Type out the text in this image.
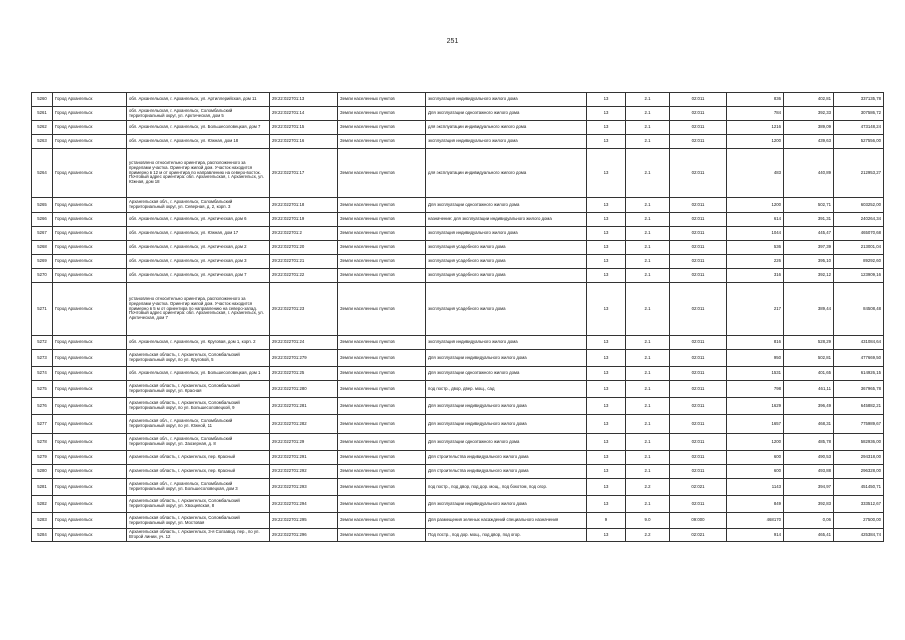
251
5260	Город Архангельск	обл. Архангельская, г. Архангельск, ул. Артиллерийская, дом 11	29:22:022701:13	Земли населенных пунктов	эксплуатация индивидуального жилого дома	13	2.1	02:011	836	402,81	337135,78
5261	Город Архангельск	обл. Архангельская, г. Архангельск, Соломбальский территориальный округ, ул. Арктическая, дом 5	29:22:022701:14	Земли населенных пунктов	Для эксплуатации одноэтажного жилого дома	13	2.1	02:011	784	392,33	307586,72
5262	Город Архангельск	обл. Архангельская, г. Архангельск, ул. Большесоловецкая, дом 7	29:22:022701:15	Земли населенных пунктов	для эксплуатации индивидуального жилого дома	13	2.1	02:011	1216	389,09	473148,24
5263	Город Архангельск	обл. Архангельская, г. Архангельск, ул. Южная, дом 18	29:22:022701:16	Земли населенных пунктов	эксплуатация индивидуального жилого дома	13	2.1	02:011	1200	439,63	527556,00
5264	Город Архангельск	установлено относительно ориентира, расположенного за пределами участка. Ориентир жилой дом. Участок находится примерно в 12 м от ориентира по направлению на северо-восток. Почтовый адрес ориентира: обл. Архангельская, г. Архангельск, ул. Южная, дом 18	29:22:022701:17	Земли населенных пунктов	для эксплуатации индивидуального жилого дома	13	2.1	02:011	483	440,89	212953,27
5265	Город Архангельск	Архангельская обл., г. Архангельск, Соломбальский территориальный округ, ул. Северная, д. 2, корп. 3	29:22:022701:18	Земли населенных пунктов	Для эксплуатации одноэтажного жилого дома	13	2.1	02:011	1200	502,71	603252,00
5266	Город Архангельск	обл. Архангельская, г. Архангельск, ул. Арктическая, дом 6	29:22:022701:19	Земли населенных пунктов	назначение: для эксплуатации индивидуального жилого дома	13	2.1	02:011	614	391,31	240264,34
5267	Город Архангельск	обл. Архангельская, г. Архангельск, ул. Южная, дом 17	29:22:022701:2	Земли населенных пунктов	эксплуатация индивидуального жилого дома	13	2.1	02:011	1044	445,47	465070,68
5268	Город Архангельск	обл. Архангельская, г. Архангельск, ул. Арктическая, дом 2	29:22:022701:20	Земли населенных пунктов	эксплуатация усадебного жилого дома	13	2.1	02:011	536	397,39	213001,04
5269	Город Архангельск	обл. Архангельская, г. Архангельск, ул. Арктическая, дом 3	29:22:022701:21	Земли населенных пунктов	эксплуатация усадебного жилого дома	13	2.1	02:011	226	395,10	89292,60
5270	Город Архангельск	обл. Архангельская, г. Архангельск, ул. Арктическая, дом 7	29:22:022701:22	Земли населенных пунктов	эксплуатация усадебного жилого дома	13	2.1	02:011	316	392,12	123909,16
5271	Город Архангельск	установлено относительно ориентира, расположенного за пределами участка. Ориентир жилой дом. Участок находится примерно в 5 м от ориентира по направлению на северо-запад. Почтовый адрес ориентира: обл. Архангельская, г. Архангельск, ул. Арктическая, дом 7	29:22:022701:23	Земли населенных пунктов	эксплуатация усадебного жилого дома	13	2.1	02:011	217	389,44	84508,48
5272	Город Архангельск	обл. Архангельская, г. Архангельск, ул. Круговая, дом 1, корп. 2	29:22:022701:24	Земли населенных пунктов	эксплуатация индивидуального жилого дома	13	2.1	02:011	816	528,29	431084,64
5273	Город Архангельск	Архангельская область, г. Архангельск, Соломбальский территориальный округ, по ул. Круговой, 5	29:22:022701:279	Земли населенных пунктов	Для эксплуатации индивидуального жилого дома	13	2.1	02:011	950	502,81	477669,50
5274	Город Архангельск	обл. Архангельская, г. Архангельск, ул. Большесоловецкая, дом 1	29:22:022701:25	Земли населенных пунктов	Для эксплуатации одноэтажного жилого дома	13	2.1	02:011	1531	401,65	614926,15
5275	Город Архангельск	Архангельская область, г. Архангельск, Соломбальский территориальный округ, ул. Красная	29:22:022701:280	Земли населенных пунктов	под постр., двор, двер. мощ., сад	13	2.1	02:011	798	461,11	367965,78
5276	Город Архангельск	Архангельская область, г. Архангельск, Соломбальский территориальный округ, по ул. Большесоловецкой, 9	29:22:022701:281	Земли населенных пунктов	Для эксплуатации индивидуального жилого дома	13	2.1	02:011	1629	396,49	645882,21
5277	Город Архангельск	Архангельская обл., г. Архангельск, Соломбальский территориальный округ, по ул. Южной, 11	29:22:022701:282	Земли населенных пунктов	Для эксплуатации индивидуального жилого дома	13	2.1	02:011	1657	468,31	775989,67
5278	Город Архангельск	Архангельская обл., г. Архангельск, Соломбальский территориальный округ, ул. Заозерная, д. 8	29:22:022701:29	Земли населенных пунктов	Для эксплуатации одноэтажного жилого дома	13	2.1	02:011	1200	485,78	582936,00
5279	Город Архангельск	Архангельская область, г. Архангельск, пер. Красный	29:22:022701:291	Земли населенных пунктов	Для строительства индивидуального жилого дома	13	2.1	02:011	600	490,53	294318,00
5280	Город Архангельск	Архангельская область, г. Архангельск, пер. Красный	29:22:022701:292	Земли населенных пунктов	Для строительства индивидуального жилого дома	13	2.1	02:011	600	493,88	296328,00
5281	Город Архангельск	Архангельская обл., г. Архангельск, Соломбальский территориальный округ, ул. Большесоловецкая, дом 3	29:22:022701:293	Земли населенных пунктов	под постр., под двор, под дор. мощ., под бокотом, под огор.	13	2.2	02:021	1143	394,97	451450,71
5282	Город Архангельск	Архангельская область, г. Архангельск, Соломбальский территориальный округ, ул. Хвощевская, 8	29:22:022701:294	Земли населенных пунктов	Для эксплуатации индивидуального жилого дома	13	2.1	02:011	849	392,83	333512,67
5283	Город Архангельск	Архангельская область, г. Архангельск, Соломбальский территориальный округ, ул. Мостовая	29:22:022701:295	Земли населенных пунктов	Для размещения зеленых насаждений специального назначения	9	9.0	09:000	468170	0,06	27500,00
5284	Город Архангельск	Архангельская область, г. Архангельск, 3-я Солзавод. пер., по ул. Второй линии, уч. 12	29:22:022701:296	Земли населенных пунктов	Под постр., под дор. мощ., под двор, под огор.	13	2.2	02:021	914	465,41	425384,74
